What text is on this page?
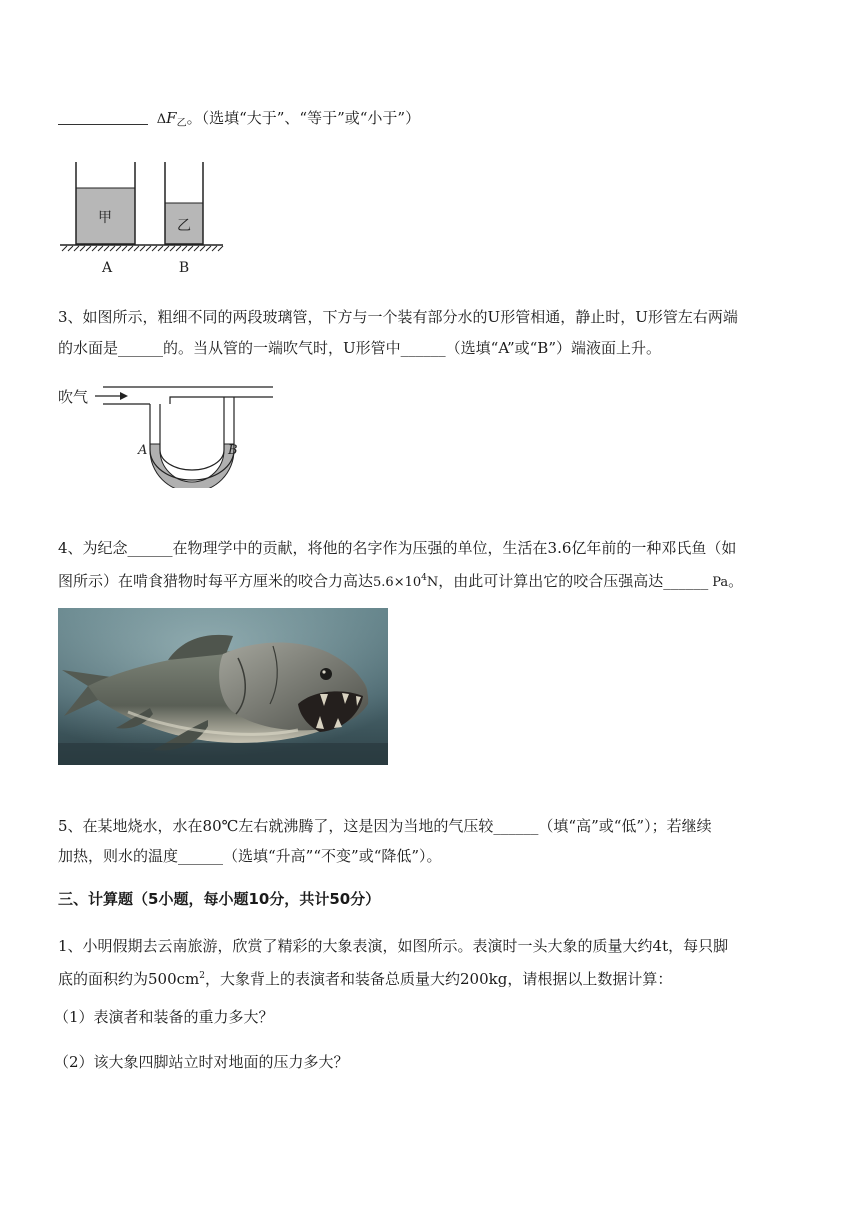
$\Delta F_乙$。（选填“大于”、“等于”或“小于”）
甲	乙
A	B
3、如图所示，粗细不同的两段玻璃管，下方与一个装有部分水的U形管相通，静止时，U形管左右两端
的水面是______的。当从管的一端吹气时，U形管中______（选填“A”或“B”）端液面上升。
吹气
A	B
4、为纪念______在物理学中的贡献，将他的名字作为压强的单位，生活在3.6亿年前的一种邓氏鱼（如
图所示）在啃食猎物时每平方厘米的咬合力高达$5.6\times 10^4N$，由此可计算出它的咬合压强高达______ Pa。
5、在某地烧水，水在80℃左右就沸腾了，这是因为当地的气压较______（填“高”或“低”）；若继续
加热，则水的温度______（选填“升高”“不变”或“降低”）。
三、计算题（5小题，每小题10分，共计50分）
1、小明假期去云南旅游，欣赏了精彩的大象表演，如图所示。表演时一头大象的质量大约4t，每只脚
底的面积约为$500cm^2$，大象背上的表演者和装备总质量大约200kg，请根据以上数据计算：
（1）表演者和装备的重力多大？
（2）该大象四脚站立时对地面的压力多大？
